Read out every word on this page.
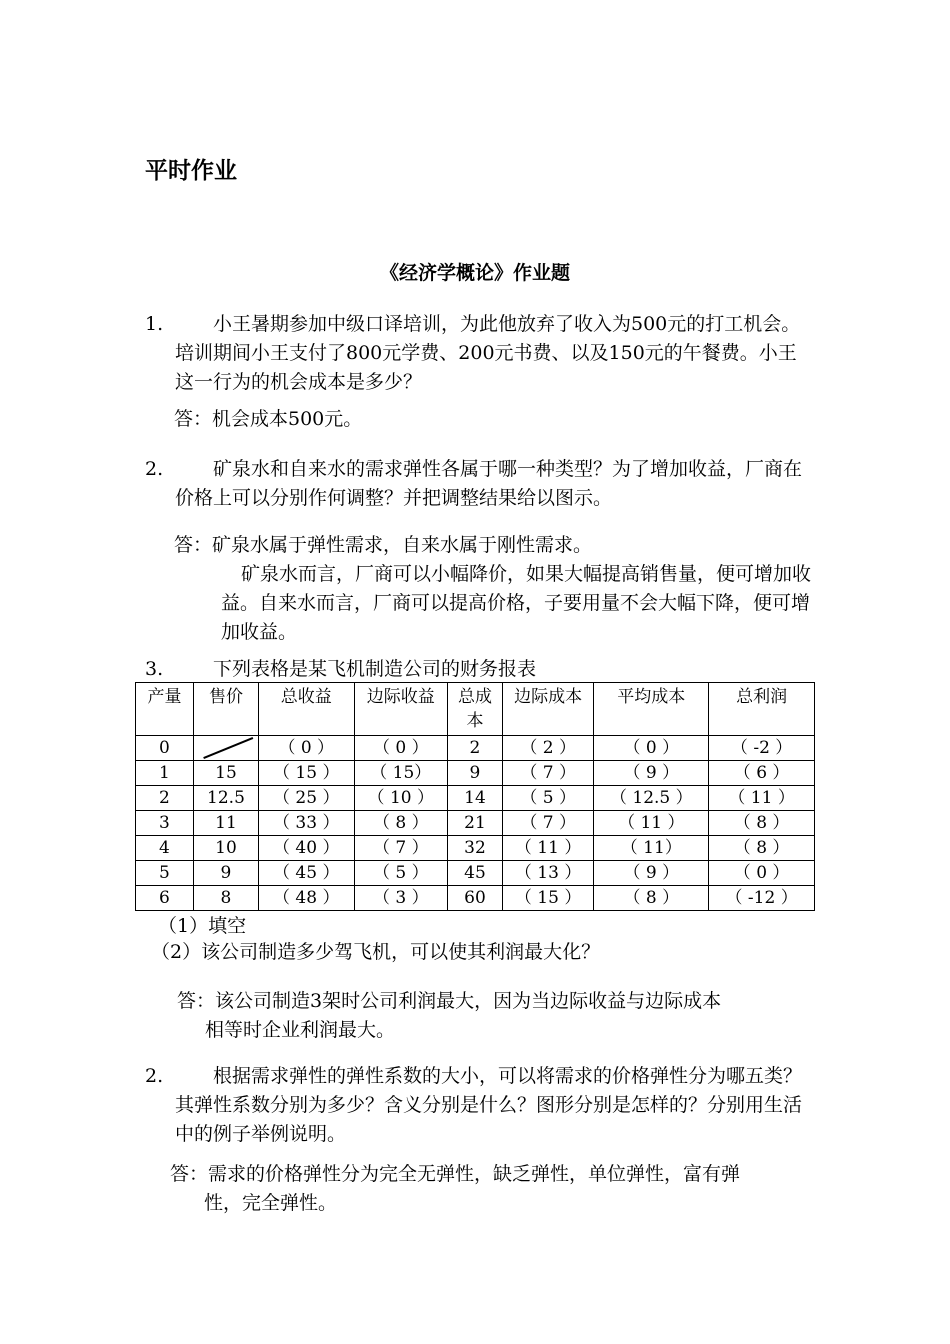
平时作业
《经济学概论》作业题
1.	小王暑期参加中级口译培训，为此他放弃了收入为500元的打工机会。培训期间小王支付了800元学费、200元书费、以及150元的午餐费。小王这一行为的机会成本是多少？
答：机会成本500元。
2.	矿泉水和自来水的需求弹性各属于哪一种类型？为了增加收益，厂商在价格上可以分别作何调整？并把调整结果给以图示。
答：矿泉水属于弹性需求，自来水属于刚性需求。
矿泉水而言，厂商可以小幅降价，如果大幅提高销售量，便可增加收益。自来水而言，厂商可以提高价格，子要用量不会大幅下降，便可增加收益。
3.	下列表格是某飞机制造公司的财务报表
产量	售价	总收益	边际收益	总成本	边际成本	平均成本	总利润
0		（ 0 ）	（ 0 ）	2	（ 2 ）	（ 0 ）	（ -2 ）
1	15	（ 15 ）	（ 15）	9	（ 7 ）	（ 9 ）	（ 6 ）
2	12.5	（ 25 ）	（ 10 ）	14	（ 5 ）	（ 12.5 ）	（ 11 ）
3	11	（ 33 ）	（ 8 ）	21	（ 7 ）	（ 11 ）	（ 8 ）
4	10	（ 40 ）	（ 7 ）	32	（ 11 ）	（ 11）	（ 8 ）
5	9	（ 45 ）	（ 5 ）	45	（ 13 ）	（ 9 ）	（ 0 ）
6	8	（ 48 ）	（ 3 ）	60	（ 15 ）	（ 8 ）	（ -12 ）
（1）填空
（2）该公司制造多少驾飞机，可以使其利润最大化？
答：该公司制造3架时公司利润最大，因为当边际收益与边际成本
相等时企业利润最大。
2.	根据需求弹性的弹性系数的大小，可以将需求的价格弹性分为哪五类？其弹性系数分别为多少？含义分别是什么？图形分别是怎样的？分别用生活中的例子举例说明。
答：需求的价格弹性分为完全无弹性，缺乏弹性，单位弹性，富有弹
性，完全弹性。
